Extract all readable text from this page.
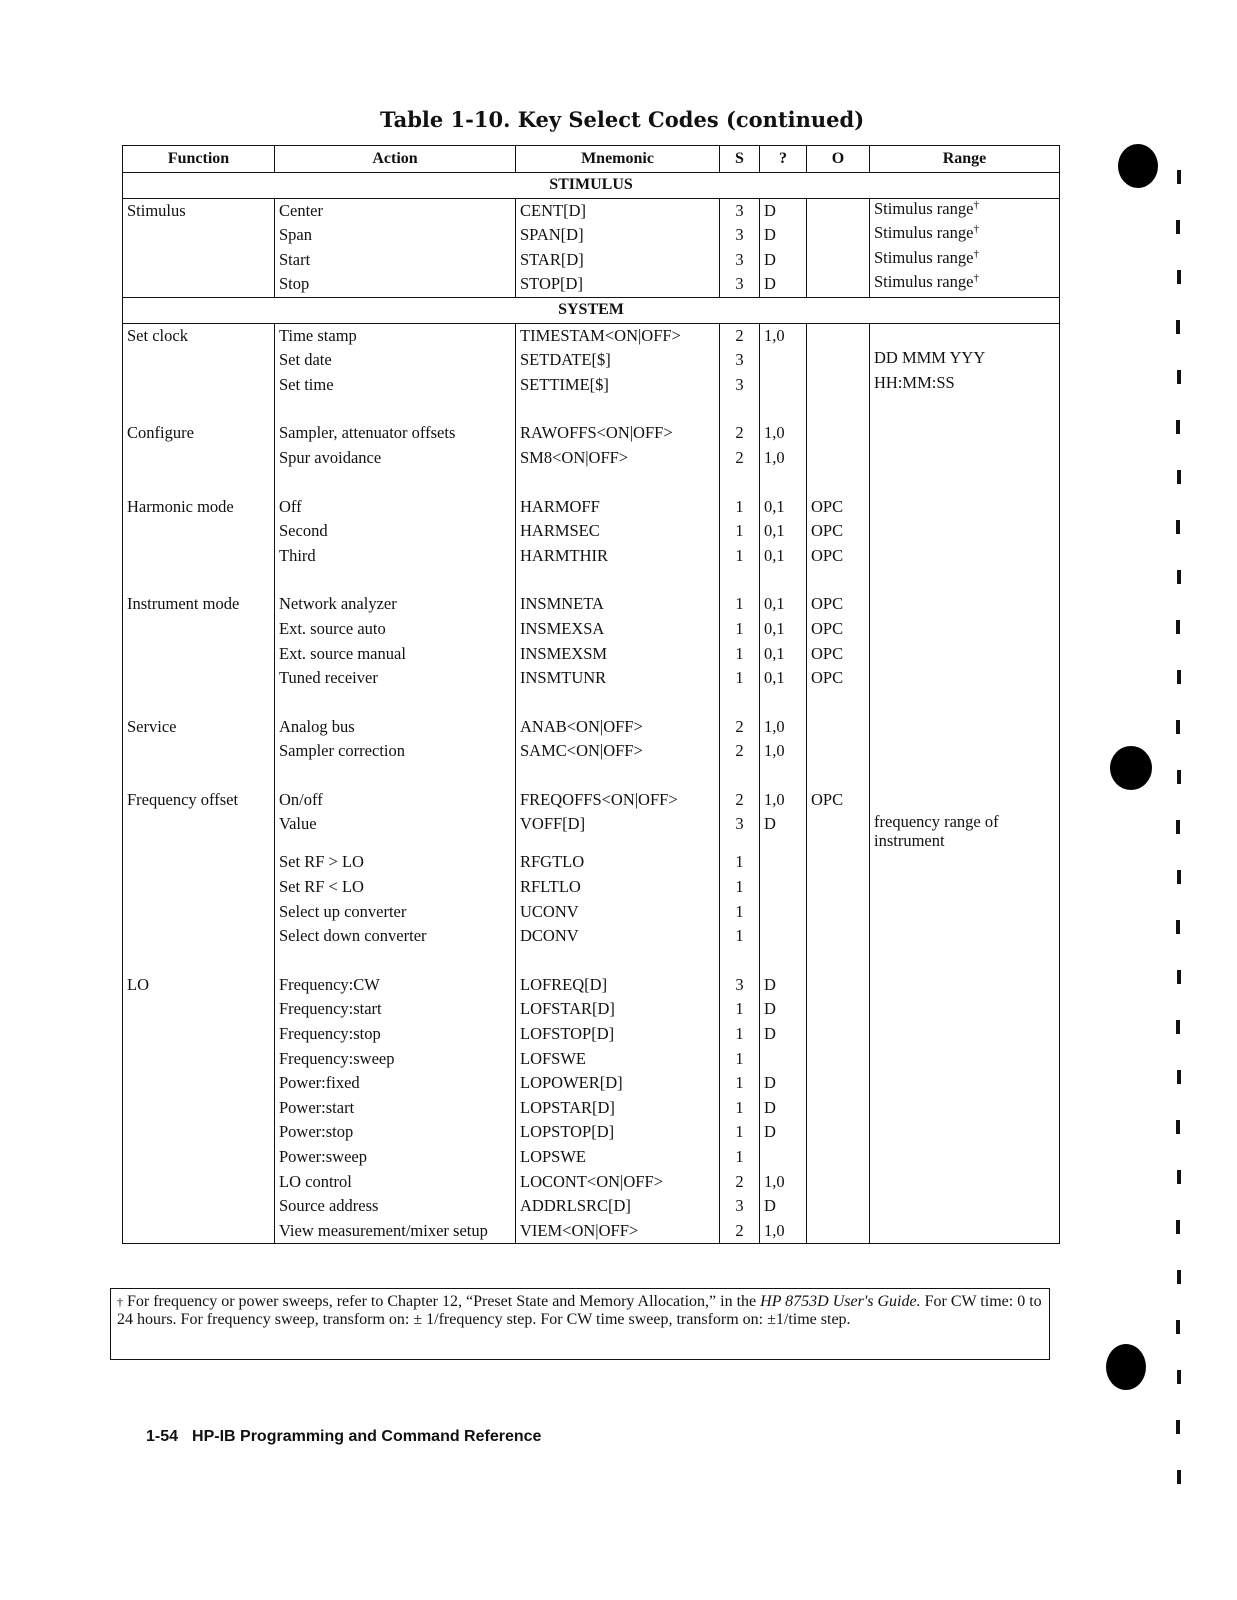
Table 1-10. Key Select Codes (continued)
Function	Action	Mnemonic	S	?	O	Range
STIMULUS						
Stimulus	Center	CENT[D]	3	D		Stimulus range†
	Span	SPAN[D]	3	D		Stimulus range†
	Start	STAR[D]	3	D		Stimulus range†
	Stop	STOP[D]	3	D		Stimulus range†
SYSTEM						
Set clock	Time stamp	TIMESTAM<ON|OFF>	2	1,0		
	Set date	SETDATE[$]	3			DD MMM YYY
	Set time	SETTIME[$]	3			HH:MM:SS

Configure	Sampler, attenuator offsets	RAWOFFS<ON|OFF>	2	1,0		
	Spur avoidance	SM8<ON|OFF>	2	1,0		

Harmonic mode	Off	HARMOFF	1	0,1	OPC	
	Second	HARMSEC	1	0,1	OPC	
	Third	HARMTHIR	1	0,1	OPC	

Instrument mode	Network analyzer	INSMNETA	1	0,1	OPC	
	Ext. source auto	INSMEXSA	1	0,1	OPC	
	Ext. source manual	INSMEXSM	1	0,1	OPC	
	Tuned receiver	INSMTUNR	1	0,1	OPC	

Service	Analog bus	ANAB<ON|OFF>	2	1,0		
	Sampler correction	SAMC<ON|OFF>	2	1,0		

Frequency offset	On/off	FREQOFFS<ON|OFF>	2	1,0	OPC	
	Value	VOFF[D]	3	D		frequency range of instrument
	Set RF > LO	RFGTLO	1			
	Set RF < LO	RFLTLO	1			
	Select up converter	UCONV	1			
	Select down converter	DCONV	1			

LO	Frequency:CW	LOFREQ[D]	3	D		
	Frequency:start	LOFSTAR[D]	1	D		
	Frequency:stop	LOFSTOP[D]	1	D		
	Frequency:sweep	LOFSWE	1			
	Power:fixed	LOPOWER[D]	1	D		
	Power:start	LOPSTAR[D]	1	D		
	Power:stop	LOPSTOP[D]	1	D		
	Power:sweep	LOPSWE	1			
	LO control	LOCONT<ON|OFF>	2	1,0		
	Source address	ADDRLSRC[D]	3	D		
	View measurement/mixer setup	VIEM<ON|OFF>	2	1,0		
† For frequency or power sweeps, refer to Chapter 12, “Preset State and Memory Allocation,” in the HP 8753D User's Guide. For CW time: 0 to 24 hours. For frequency sweep, transform on: ± 1/frequency step. For CW time sweep, transform on: ±1/time step.
1-54 HP-IB Programming and Command Reference
